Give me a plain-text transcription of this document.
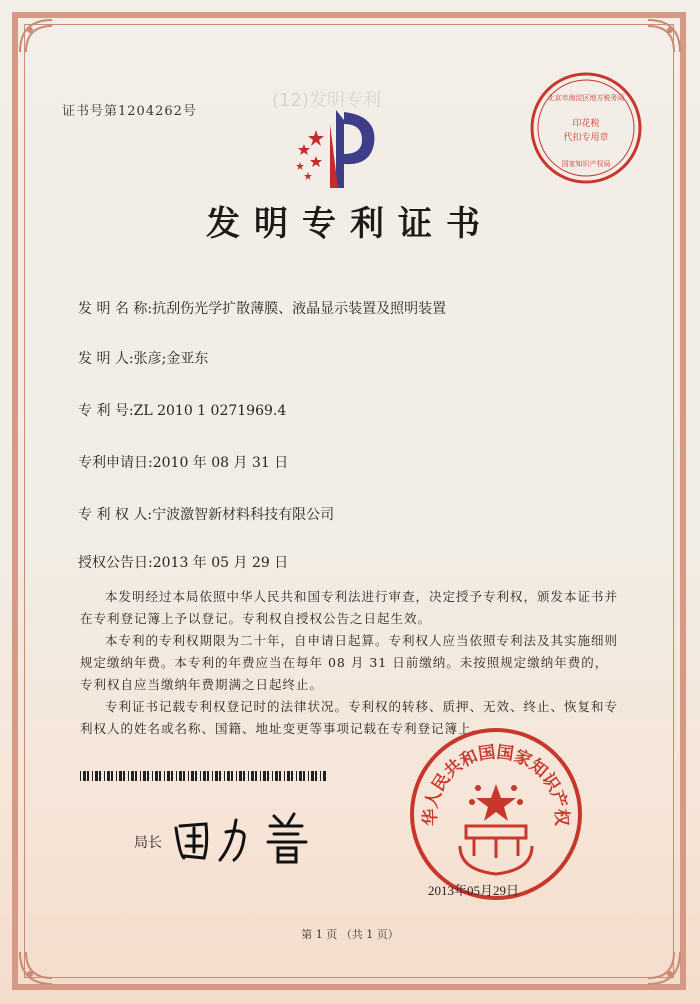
(12)发明专利
证书号第1204262号
北京市海淀区地方税务局
印花税
代扣专用章
国家知识产权局
发明专利证书
发 明 名 称:抗刮伤光学扩散薄膜、液晶显示装置及照明装置
发 明 人:张彦;金亚东
专 利 号:ZL 2010 1 0271969.4
专利申请日:2010 年 08 月 31 日
专 利 权 人:宁波激智新材料科技有限公司
授权公告日:2013 年 05 月 29 日

本发明经过本局依照中华人民共和国专利法进行审查，决定授予专利权，颁发本证书并在专利登记簿上予以登记。专利权自授权公告之日起生效。

本专利的专利权期限为二十年，自申请日起算。专利权人应当依照专利法及其实施细则规定缴纳年费。本专利的年费应当在每年 08 月 31 日前缴纳。未按照规定缴纳年费的，专利权自应当缴纳年费期满之日起终止。

专利证书记载专利权登记时的法律状况。专利权的转移、质押、无效、终止、恢复和专利权人的姓名或名称、国籍、地址变更等事项记载在专利登记簿上。

局长
华人民共和国国家知识产权
2013年05月29日
第 1 页 （共 1 页）
